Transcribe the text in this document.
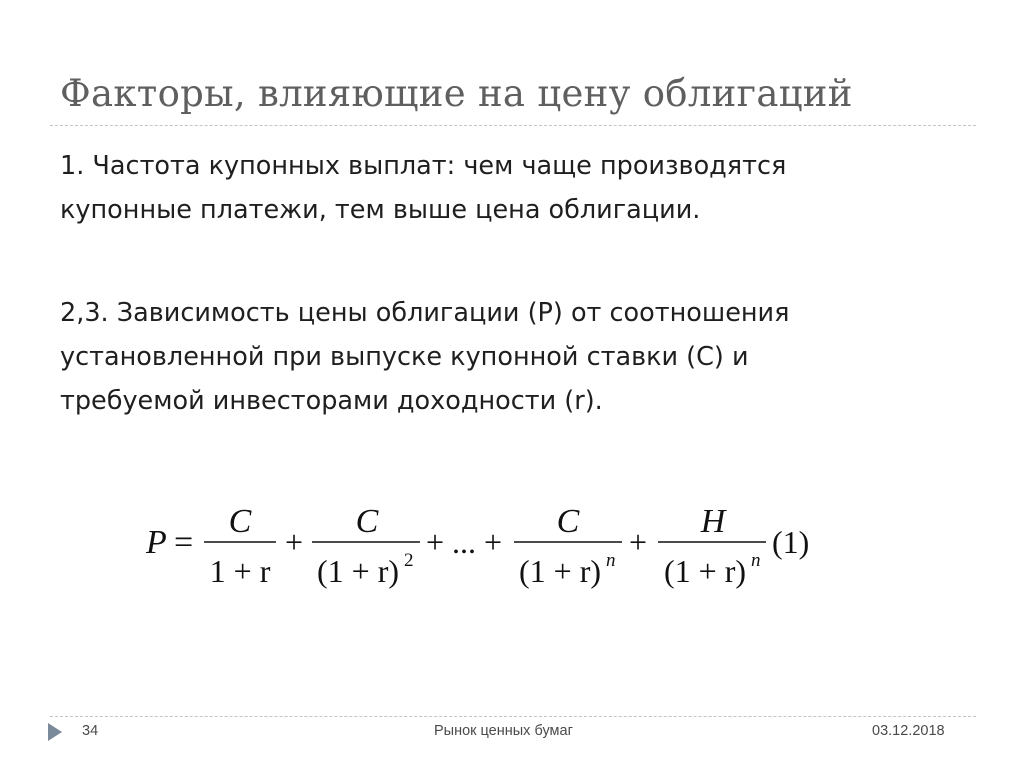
Факторы, влияющие на цену облигаций
1. Частота купонных выплат: чем чаще производятся
купонные платежи, тем выше цена облигации.
2,3. Зависимость цены облигации (P) от соотношения
установленной при выпуске купонной ставки (C) и
требуемой инвесторами доходности (r).
P =
C
1 + r
+
C
(1 + r) 2
+ ... +
C
(1 + r) n
+
H
(1 + r) n
(1)
34	Рынок ценных бумаг	03.12.2018
